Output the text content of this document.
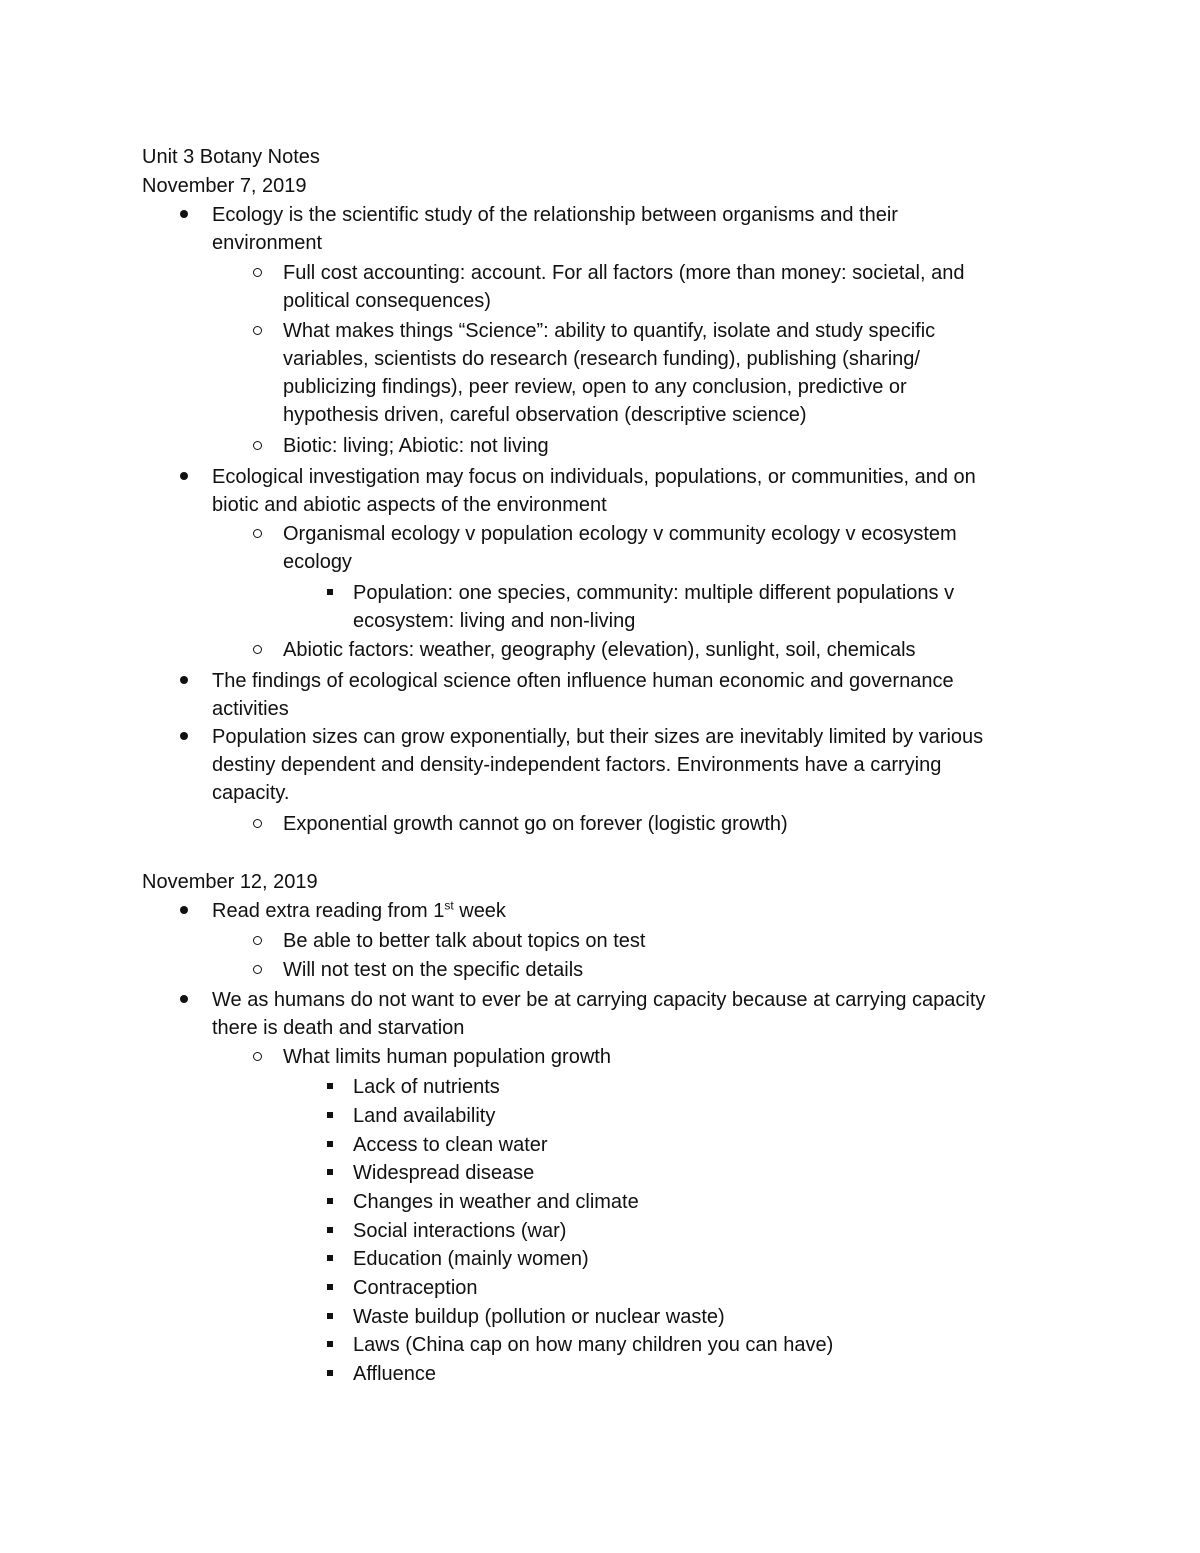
Unit 3 Botany Notes
November 7, 2019
Ecology is the scientific study of the relationship between organisms and their
environment
Full cost accounting: account. For all factors (more than money: societal, and
political consequences)
What makes things “Science”: ability to quantify, isolate and study specific
variables, scientists do research (research funding), publishing (sharing/
publicizing findings), peer review, open to any conclusion, predictive or
hypothesis driven, careful observation (descriptive science)
Biotic: living; Abiotic: not living
Ecological investigation may focus on individuals, populations, or communities, and on
biotic and abiotic aspects of the environment
Organismal ecology v population ecology v community ecology v ecosystem
ecology
Population: one species, community: multiple different populations v
ecosystem: living and non-living
Abiotic factors: weather, geography (elevation), sunlight, soil, chemicals
The findings of ecological science often influence human economic and governance
activities
Population sizes can grow exponentially, but their sizes are inevitably limited by various
destiny dependent and density-independent factors. Environments have a carrying
capacity.
Exponential growth cannot go on forever (logistic growth)
November 12, 2019
Read extra reading from 1st week
Be able to better talk about topics on test
Will not test on the specific details
We as humans do not want to ever be at carrying capacity because at carrying capacity
there is death and starvation
What limits human population growth
Lack of nutrients
Land availability
Access to clean water
Widespread disease
Changes in weather and climate
Social interactions (war)
Education (mainly women)
Contraception
Waste buildup (pollution or nuclear waste)
Laws (China cap on how many children you can have)
Affluence
